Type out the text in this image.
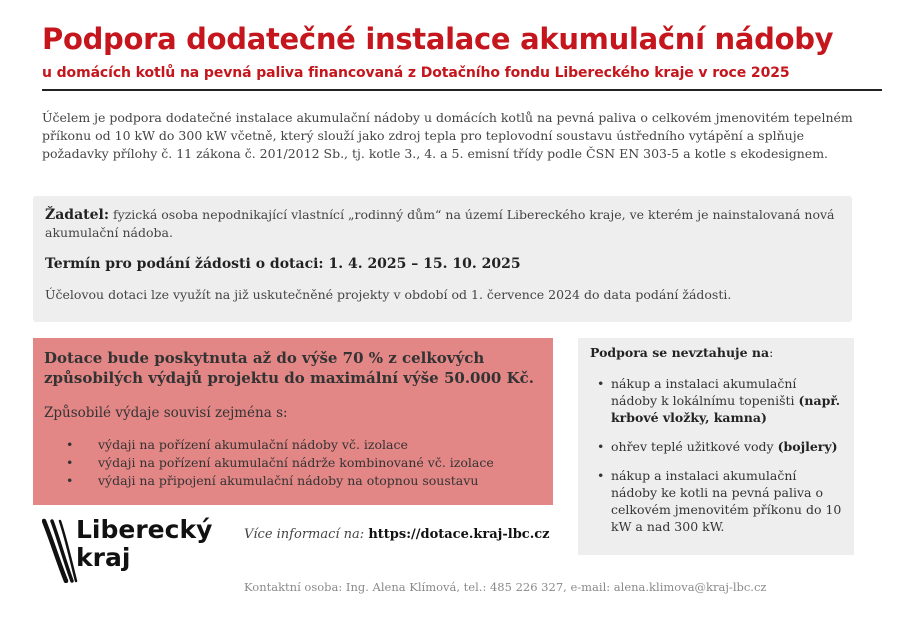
Podpora dodatečné instalace akumulační nádoby
u domácích kotlů na pevná paliva financovaná z Dotačního fondu Libereckého kraje v roce 2025

Účelem je podpora dodatečné instalace akumulační nádoby u domácích kotlů na pevná paliva o celkovém jmenovitém tepelném příkonu od 10 kW do 300 kW včetně, který slouží jako zdroj tepla pro teplovodní soustavu ústředního vytápění a splňuje požadavky přílohy č. 11 zákona č. 201/2012 Sb., tj. kotle 3., 4. a 5. emisní třídy podle ČSN EN 303-5 a kotle s ekodesignem.

Žadatel: fyzická osoba nepodnikající vlastnící „rodinný dům“ na území Libereckého kraje, ve kterém je nainstalovaná nová akumulační nádoba.

Termín pro podání žádosti o dotaci: 1. 4. 2025 – 15. 10. 2025

Účelovou dotaci lze využít na již uskutečněné projekty v období od 1. července 2024 do data podání žádosti.

Dotace bude poskytnuta až do výše 70 % z celkových způsobilých výdajů projektu do maximální výše 50.000 Kč.

Způsobilé výdaje souvisí zejména s:

• výdaji na pořízení akumulační nádoby vč. izolace
• výdaji na pořízení akumulační nádrže kombinované vč. izolace
• výdaji na připojení akumulační nádoby na otopnou soustavu

Podpora se nevztahuje na:

• nákup a instalaci akumulační nádoby k lokálnímu topeništi (např. krbové vložky, kamna)
• ohřev teplé užitkové vody (bojlery)
• nákup a instalaci akumulační nádoby ke kotli na pevná paliva o celkovém jmenovitém příkonu do 10 kW a nad 300 kW.
Liberecký
kraj

Více informací na: https://dotace.kraj-lbc.cz

Kontaktní osoba: Ing. Alena Klímová, tel.: 485 226 327, e-mail: alena.klimova@kraj-lbc.cz
